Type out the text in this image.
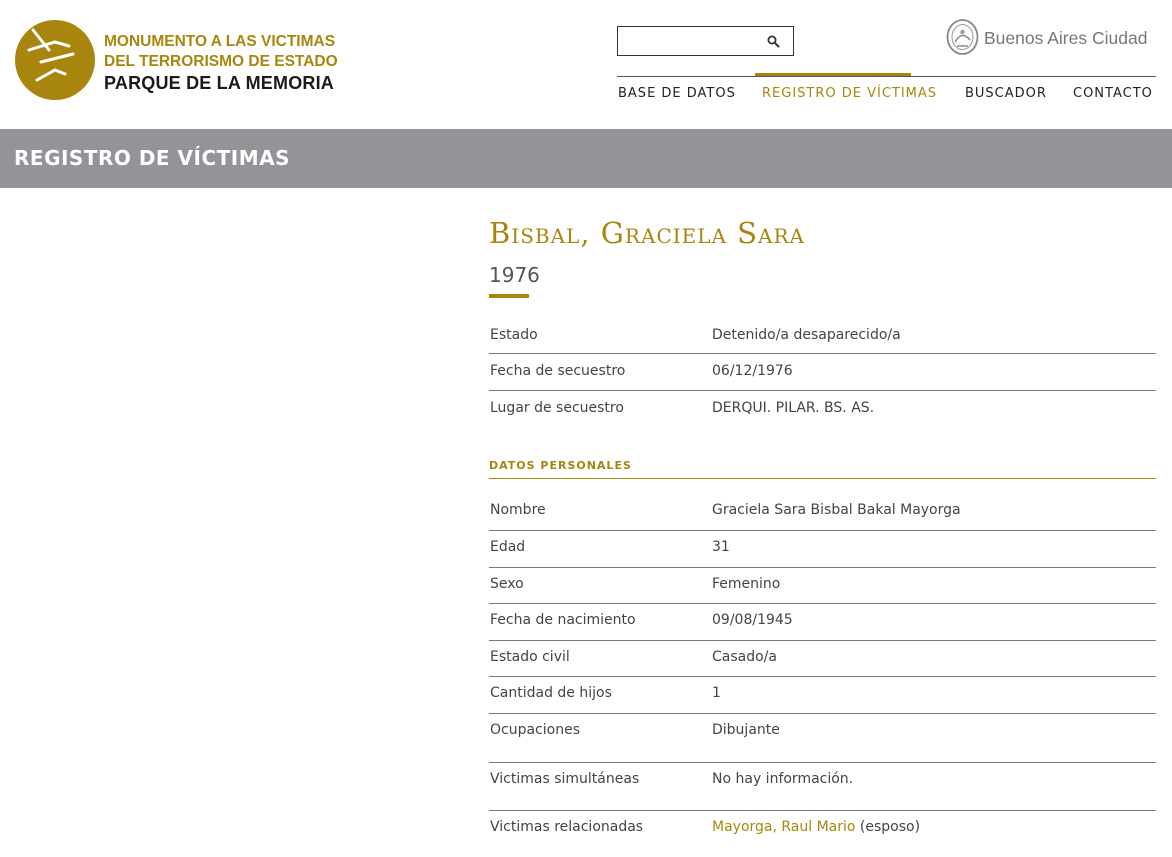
MONUMENTO A LAS VICTIMAS
DEL TERRORISMO DE ESTADO
PARQUE DE LA MEMORIA
Buenos Aires Ciudad
BASE DE DATOS REGISTRO DE VÍCTIMAS BUSCADOR CONTACTO
REGISTRO DE VÍCTIMAS
Bisbal, Graciela Sara
1976
Estado	Detenido/a desaparecido/a
Fecha de secuestro	06/12/1976
Lugar de secuestro	DERQUI. PILAR. BS. AS.
DATOS PERSONALES
Nombre	Graciela Sara Bisbal Bakal Mayorga
Edad	31
Sexo	Femenino
Fecha de nacimiento	09/08/1945
Estado civil	Casado/a
Cantidad de hijos	1
Ocupaciones	Dibujante
Victimas simultáneas	No hay información.
Victimas relacionadas	Mayorga, Raul Mario (esposo)
